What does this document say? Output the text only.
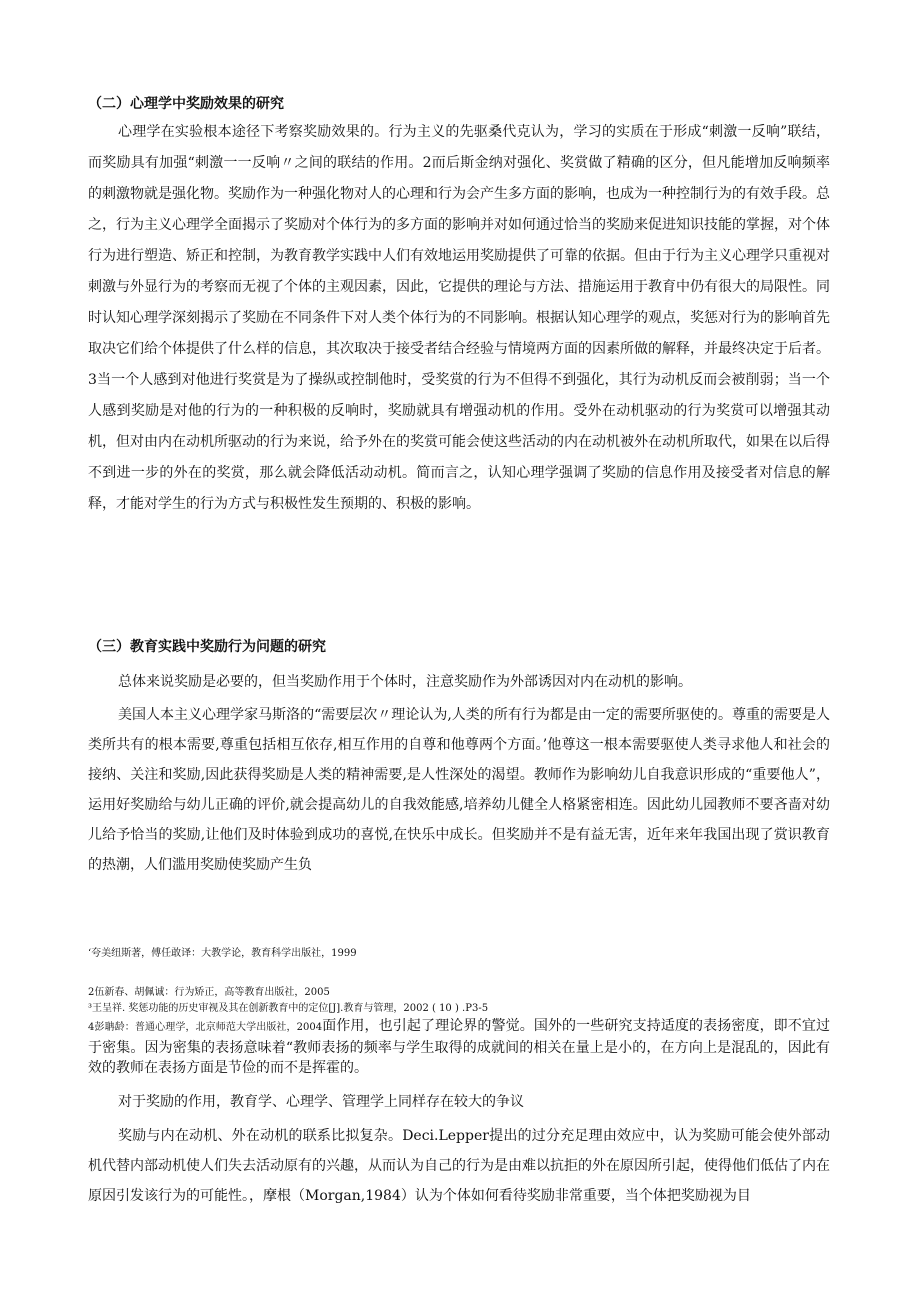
（二）心理学中奖励效果的研究

心理学在实验根本途径下考察奖励效果的。行为主义的先驱桑代克认为，学习的实质在于形成“刺激一反响”联结，而奖励具有加强“刺激一一反响〃之间的联结的作用。2而后斯金纳对强化、奖赏做了精确的区分，但凡能增加反响频率的刺激物就是强化物。奖励作为一种强化物对人的心理和行为会产生多方面的影响，也成为一种控制行为的有效手段。总之，行为主义心理学全面揭示了奖励对个体行为的多方面的影响并对如何通过恰当的奖励来促进知识技能的掌握，对个体行为进行塑造、矫正和控制，为教育教学实践中人们有效地运用奖励提供了可靠的依据。但由于行为主义心理学只重视对刺激与外显行为的考察而无视了个体的主观因素，因此，它提供的理论与方法、措施运用于教育中仍有很大的局限性。同时认知心理学深刻揭示了奖励在不同条件下对人类个体行为的不同影响。根据认知心理学的观点，奖惩对行为的影响首先取决它们给个体提供了什么样的信息，其次取决于接受者结合经验与情境两方面的因素所做的解释，并最终决定于后者。3当一个人感到对他进行奖赏是为了操纵或控制他时，受奖赏的行为不但得不到强化，其行为动机反而会被削弱；当一个人感到奖励是对他的行为的一种积极的反响时，奖励就具有增强动机的作用。受外在动机驱动的行为奖赏可以增强其动机，但对由内在动机所驱动的行为来说，给予外在的奖赏可能会使这些活动的内在动机被外在动机所取代，如果在以后得不到进一步的外在的奖赏，那么就会降低活动动机。简而言之，认知心理学强调了奖励的信息作用及接受者对信息的解释，才能对学生的行为方式与积极性发生预期的、积极的影响。

（三）教育实践中奖励行为问题的研究

总体来说奖励是必要的，但当奖励作用于个体时，注意奖励作为外部诱因对内在动机的影响。

美国人本主义心理学家马斯洛的“需要层次〃理论认为,人类的所有行为都是由一定的需要所驱使的。尊重的需要是人类所共有的根本需要,尊重包括相互依存,相互作用的自尊和他尊两个方面。’他尊这一根本需要驱使人类寻求他人和社会的接纳、关注和奖励,因此获得奖励是人类的精神需要,是人性深处的渴望。教师作为影响幼儿自我意识形成的“重要他人”，运用好奖励给与幼儿正确的评价,就会提高幼儿的自我效能感,培养幼儿健全人格紧密相连。因此幼儿园教师不要吝啬对幼儿给予恰当的奖励,让他们及时体验到成功的喜悦,在快乐中成长。但奖励并不是有益无害，近年来年我国出现了赏识教育的热潮，人们滥用奖励使奖励产生负

‘夸美纽斯著，傅任敢译：大教学论，教育科学出版社，1999

2伍新春、胡佩诚：行为矫正，高等教育出版社，2005

³王呈祥. 奖惩功能的历史审视及其在创新教育中的定位[J].教育与管理，2002 ( 10 ) .P3-5

4彭聃龄：普通心理学，北京师范大学出版社，2004面作用，也引起了理论界的警觉。国外的一些研究支持适度的表扬密度，即不宜过于密集。因为密集的表扬意味着“教师表扬的频率与学生取得的成就间的相关在量上是小的，在方向上是混乱的，因此有效的教师在表扬方面是节俭的而不是挥霍的。

对于奖励的作用，教育学、心理学、管理学上同样存在较大的争议

奖励与内在动机、外在动机的联系比拟复杂。Deci.Lepper提出的过分充足理由效应中，认为奖励可能会使外部动机代替内部动机使人们失去活动原有的兴趣，从而认为自己的行为是由难以抗拒的外在原因所引起，使得他们低估了内在原因引发该行为的可能性。，摩根（Morgan,1984）认为个体如何看待奖励非常重要，当个体把奖励视为目
